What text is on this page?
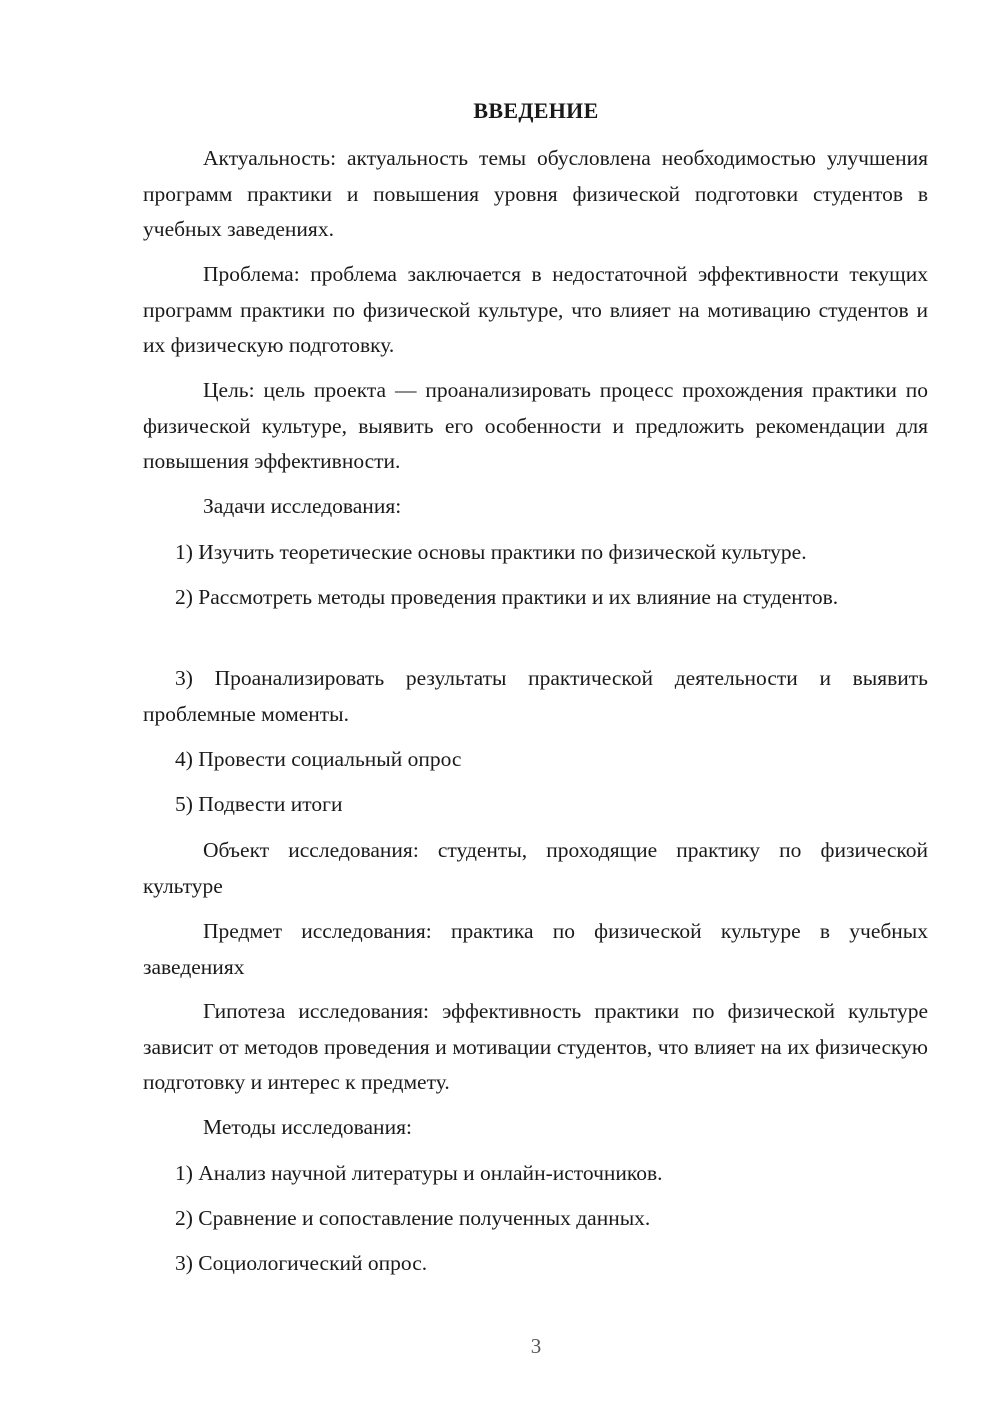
ВВЕДЕНИЕ

Актуальность: актуальность темы обусловлена необходимостью улучшения программ практики и повышения уровня физической подготовки студентов в учебных заведениях.

Проблема: проблема заключается в недостаточной эффективности текущих программ практики по физической культуре, что влияет на мотивацию студентов и их физическую подготовку.

Цель: цель проекта — проанализировать процесс прохождения практики по физической культуре, выявить его особенности и предложить рекомендации для повышения эффективности.

Задачи исследования:

1) Изучить теоретические основы практики по физической культуре.

2) Рассмотреть методы проведения практики и их влияние на студентов.

3) Проанализировать результаты практической деятельности и выявить проблемные моменты.

4) Провести социальный опрос

5) Подвести итоги

Объект исследования: студенты, проходящие практику по физической культуре

Предмет исследования: практика по физической культуре в учебных заведениях

Гипотеза исследования: эффективность практики по физической культуре зависит от методов проведения и мотивации студентов, что влияет на их физическую подготовку и интерес к предмету.

Методы исследования:

1) Анализ научной литературы и онлайн-источников.

2) Сравнение и сопоставление полученных данных.

3) Социологический опрос.

3
